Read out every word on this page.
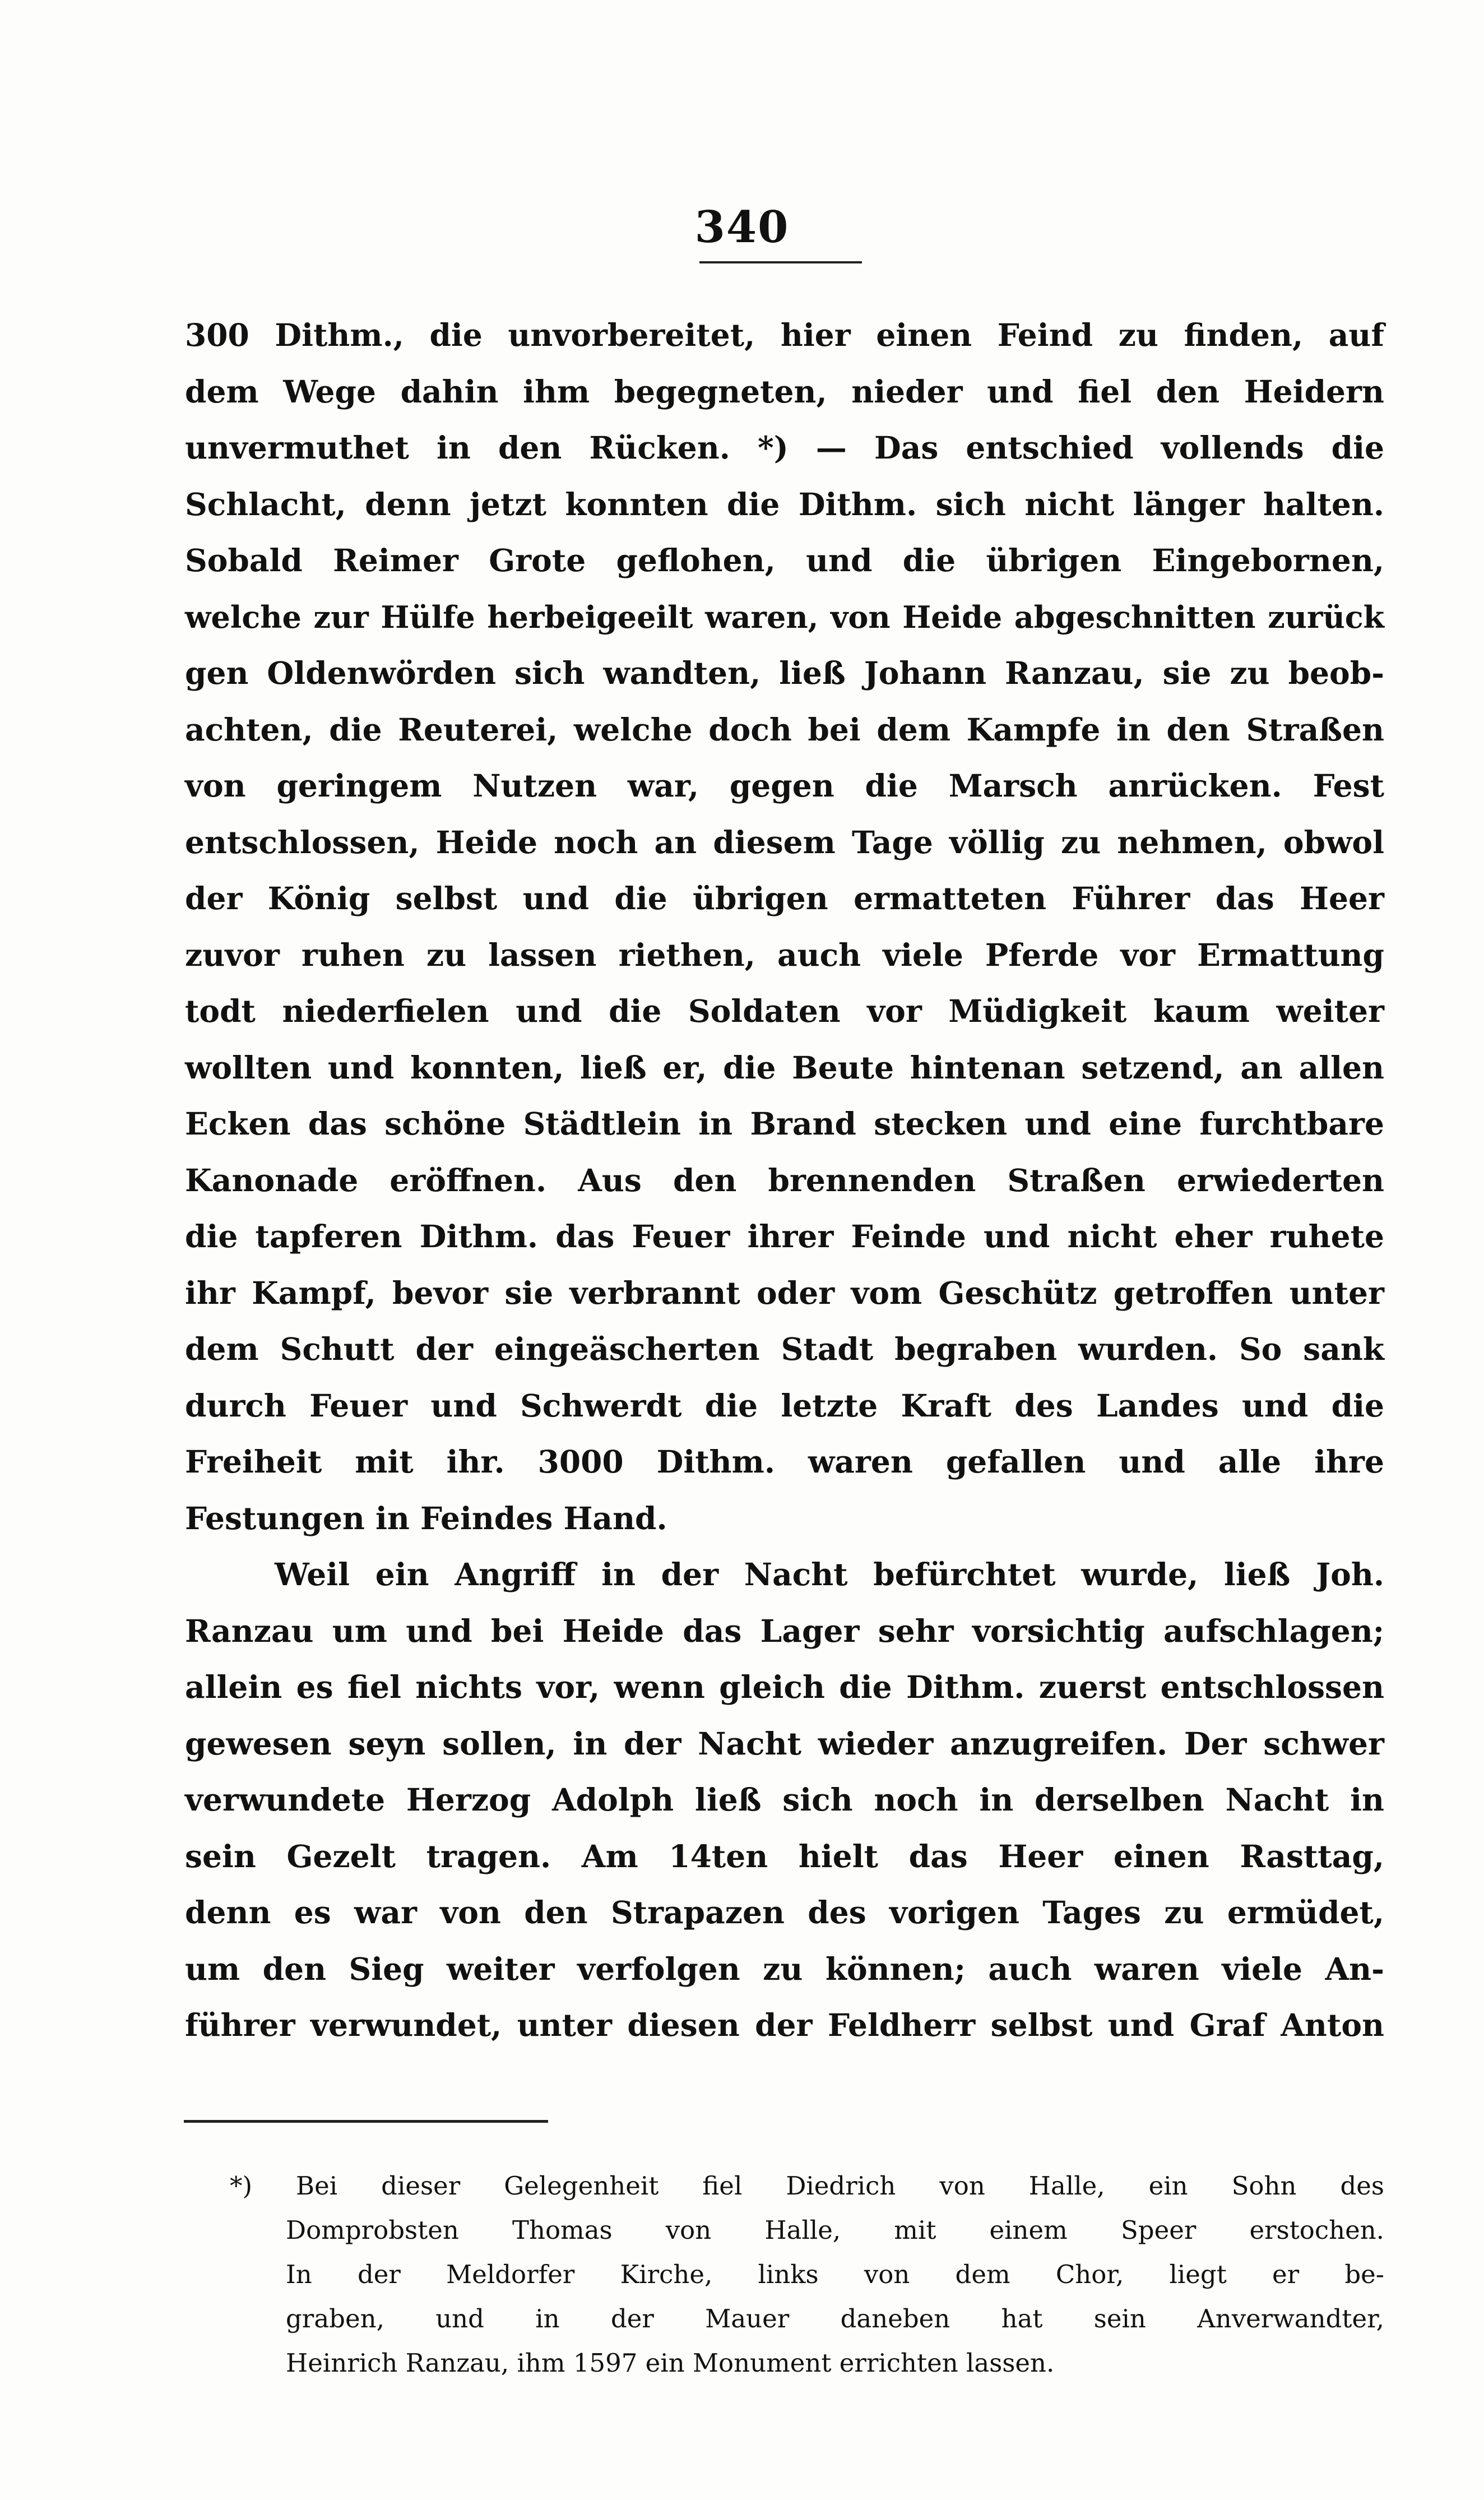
340
300 Dithm., die unvorbereitet, hier einen Feind zu finden, auf
dem Wege dahin ihm begegneten, nieder und fiel den Heidern
unvermuthet in den Rücken. *) — Das entschied vollends die
Schlacht, denn jetzt konnten die Dithm. sich nicht länger halten.
Sobald Reimer Grote geflohen, und die übrigen Eingebornen,
welche zur Hülfe herbeigeeilt waren, von Heide abgeschnitten zurück
gen Oldenwörden sich wandten, ließ Johann Ranzau, sie zu beob-
achten, die Reuterei, welche doch bei dem Kampfe in den Straßen
von geringem Nutzen war, gegen die Marsch anrücken. Fest
entschlossen, Heide noch an diesem Tage völlig zu nehmen, obwol
der König selbst und die übrigen ermatteten Führer das Heer
zuvor ruhen zu lassen riethen, auch viele Pferde vor Ermattung
todt niederfielen und die Soldaten vor Müdigkeit kaum weiter
wollten und konnten, ließ er, die Beute hintenan setzend, an allen
Ecken das schöne Städtlein in Brand stecken und eine furchtbare
Kanonade eröffnen. Aus den brennenden Straßen erwiederten
die tapferen Dithm. das Feuer ihrer Feinde und nicht eher ruhete
ihr Kampf, bevor sie verbrannt oder vom Geschütz getroffen unter
dem Schutt der eingeäscherten Stadt begraben wurden. So sank
durch Feuer und Schwerdt die letzte Kraft des Landes und die
Freiheit mit ihr. 3000 Dithm. waren gefallen und alle ihre
Festungen in Feindes Hand.
Weil ein Angriff in der Nacht befürchtet wurde, ließ Joh.
Ranzau um und bei Heide das Lager sehr vorsichtig aufschlagen;
allein es fiel nichts vor, wenn gleich die Dithm. zuerst entschlossen
gewesen seyn sollen, in der Nacht wieder anzugreifen. Der schwer
verwundete Herzog Adolph ließ sich noch in derselben Nacht in
sein Gezelt tragen. Am 14ten hielt das Heer einen Rasttag,
denn es war von den Strapazen des vorigen Tages zu ermüdet,
um den Sieg weiter verfolgen zu können; auch waren viele An-
führer verwundet, unter diesen der Feldherr selbst und Graf Anton
*) Bei dieser Gelegenheit fiel Diedrich von Halle, ein Sohn des
Domprobsten Thomas von Halle, mit einem Speer erstochen.
In der Meldorfer Kirche, links von dem Chor, liegt er be-
graben, und in der Mauer daneben hat sein Anverwandter,
Heinrich Ranzau, ihm 1597 ein Monument errichten lassen.
